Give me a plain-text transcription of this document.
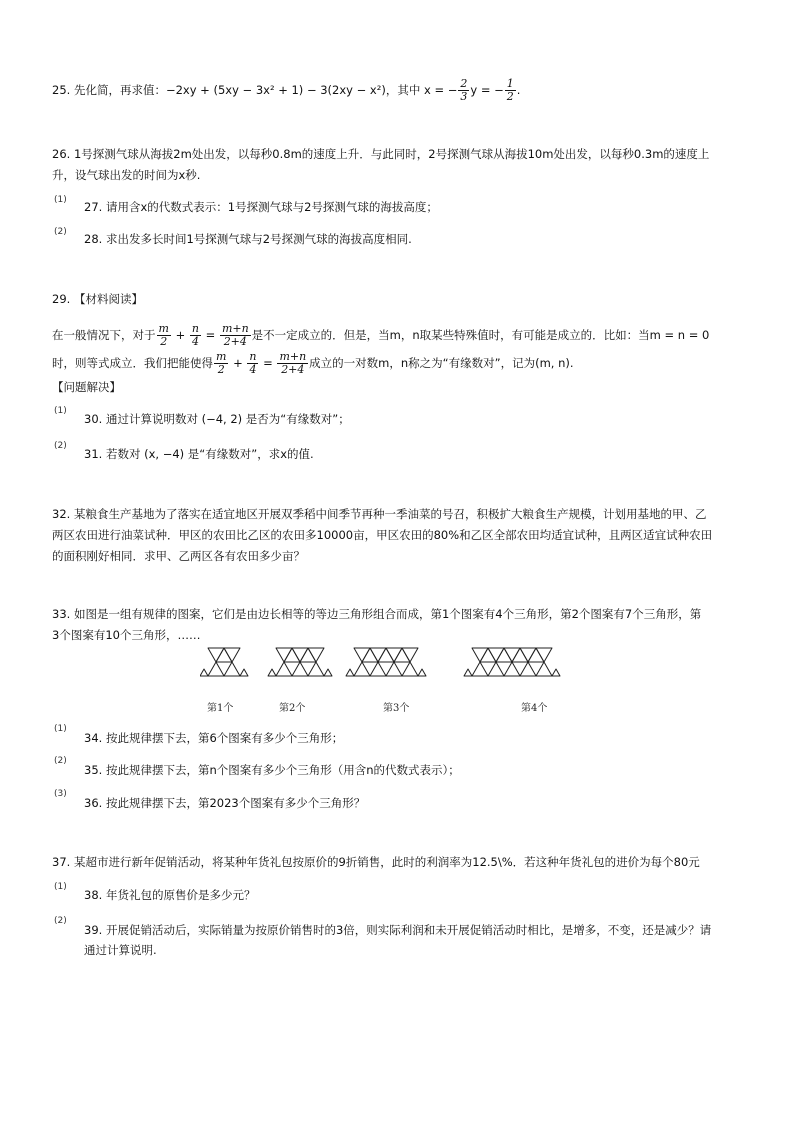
25. 先化简，再求值：−2xy + (5xy − 3x² + 1) − 3(2xy − x²)，其中 x = − $\frac{2}{3}$ y = − $\frac{1}{2}$ .
26. 1号探测气球从海拔2m处出发，以每秒0.8m的速度上升．与此同时，2号探测气球从海拔10m处出发，以每秒0.3m的速度上
升，设气球出发的时间为x秒.
(1) 27. 请用含x的代数式表示：1号探测气球与2号探测气球的海拔高度；
(2) 28. 求出发多长时间1号探测气球与2号探测气球的海拔高度相同.
29. 【材料阅读】
在一般情况下，对于 $\frac{m}{2} + \frac{n}{4} = \frac{m+n}{2+4}$ 是不一定成立的．但是，当m，n取某些特殊值时，有可能是成立的．比如：当m = n = 0
时，则等式成立．我们把能使得 $\frac{m}{2} + \frac{n}{4} = \frac{m+n}{2+4}$ 成立的一对数m，n称之为“有缘数对”，记为(m, n).
【问题解决】
(1)
30. 通过计算说明数对 (−4, 2) 是否为“有缘数对”；
(2)
31. 若数对 (x, −4) 是“有缘数对”，求x的值.
32. 某粮食生产基地为了落实在适宜地区开展双季稻中间季节再种一季油菜的号召，积极扩大粮食生产规模，计划用基地的甲、乙
两区农田进行油菜试种．甲区的农田比乙区的农田多10000亩，甲区农田的80%和乙区全部农田均适宜试种，且两区适宜试种农田
的面积刚好相同．求甲、乙两区各有农田多少亩？
33. 如图是一组有规律的图案，它们是由边长相等的等边三角形组合而成，第1个图案有4个三角形，第2个图案有7个三角形，第
3个图案有10个三角形，……
第1个	第2个	第3个	第4个
(1)
34. 按此规律摆下去，第6个图案有多少个三角形；
(2)
35. 按此规律摆下去，第n个图案有多少个三角形（用含n的代数式表示）；
(3)
36. 按此规律摆下去，第2023个图案有多少个三角形？
37. 某超市进行新年促销活动，将某种年货礼包按原价的9折销售，此时的利润率为12.5\%．若这种年货礼包的进价为每个80元
(1)
38. 年货礼包的原售价是多少元？
(2)
39. 开展促销活动后，实际销量为按原价销售时的3倍，则实际利润和未开展促销活动时相比，是增多，不变，还是减少？请
通过计算说明.
